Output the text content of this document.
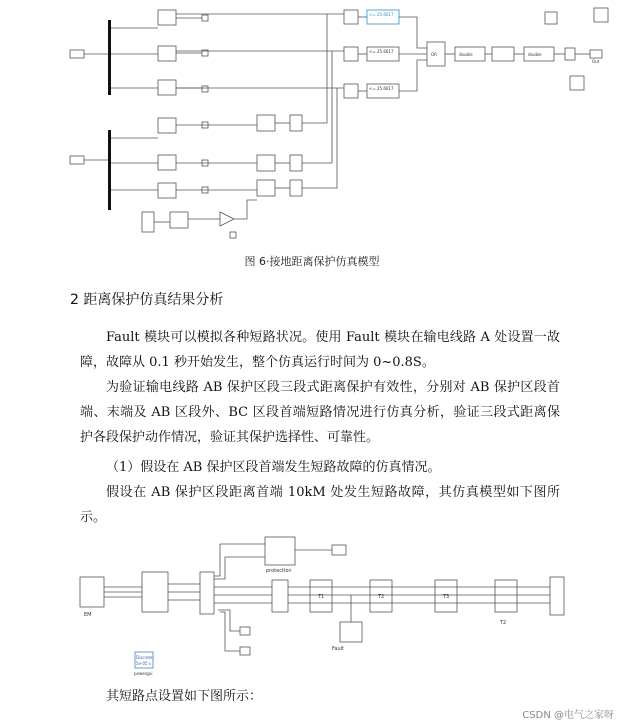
<= 25.6617
<= 25.6617
<= 25.6617
OR	double	double
Out
图 6·接地距离保护仿真模型
2 距离保护仿真结果分析

Fault 模块可以模拟各种短路状况。使用 Fault 模块在输电线路 A 处设置一故障，故障从 0.1 秒开始发生，整个仿真运行时间为 0~0.8S。

为验证输电线路 AB 保护区段三段式距离保护有效性，分别对 AB 保护区段首端、末端及 AB 区段外、BC 区段首端短路情况进行仿真分析，验证三段式距离保护各段保护动作情况，验证其保护选择性、可靠性。

（1）假设在 AB 保护区段首端发生短路故障的仿真情况。

假设在 AB 保护区段距离首端 10kM 处发生短路故障，其仿真模型如下图所示。

EM
protection
Fault
T1	T2	T3
T2
Discrete
5e-05 s
powergui

其短路点设置如下图所示：

CSDN @电气之家呀
